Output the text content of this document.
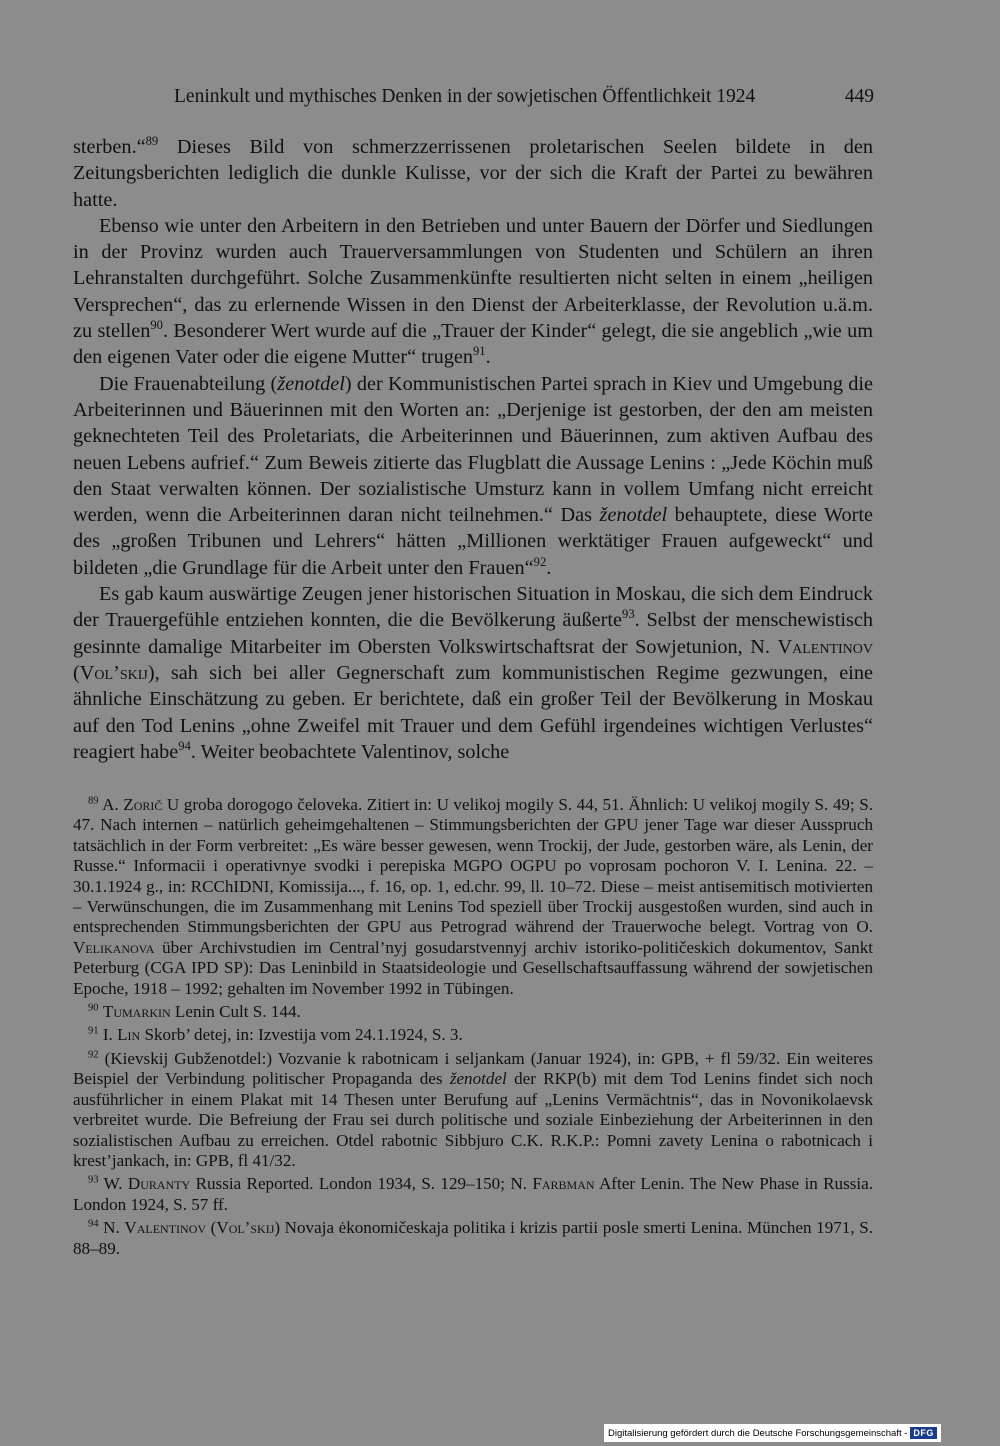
Leninkult und mythisches Denken in der sowjetischen Öffentlichkeit 1924	449

sterben.“$^{89}$ Dieses Bild von schmerzzerrissenen proletarischen Seelen bildete in den Zeitungsberichten lediglich die dunkle Kulisse, vor der sich die Kraft der Partei zu bewähren hatte.

Ebenso wie unter den Arbeitern in den Betrieben und unter Bauern der Dörfer und Siedlungen in der Provinz wurden auch Trauerversammlungen von Studenten und Schülern an ihren Lehranstalten durchgeführt. Solche Zusammenkünfte resultierten nicht selten in einem „heiligen Versprechen“, das zu erlernende Wissen in den Dienst der Arbeiterklasse, der Revolution u.ä.m. zu stellen$^{90}$. Besonderer Wert wurde auf die „Trauer der Kinder“ gelegt, die sie angeblich „wie um den eigenen Vater oder die eigene Mutter“ trugen$^{91}$.

Die Frauenabteilung (ženotdel) der Kommunistischen Partei sprach in Kiev und Umgebung die Arbeiterinnen und Bäuerinnen mit den Worten an: „Derjenige ist gestorben, der den am meisten geknechteten Teil des Proletariats, die Arbeiterinnen und Bäuerinnen, zum aktiven Aufbau des neuen Lebens aufrief.“ Zum Beweis zitierte das Flugblatt die Aussage Lenins : „Jede Köchin muß den Staat verwalten können. Der sozialistische Umsturz kann in vollem Umfang nicht erreicht werden, wenn die Arbeiterinnen daran nicht teilnehmen.“ Das ženotdel behauptete, diese Worte des „großen Tribunen und Lehrers“ hätten „Millionen werktätiger Frauen aufgeweckt“ und bildeten „die Grundlage für die Arbeit unter den Frauen“$^{92}$.

Es gab kaum auswärtige Zeugen jener historischen Situation in Moskau, die sich dem Eindruck der Trauergefühle entziehen konnten, die die Bevölkerung äußerte$^{93}$. Selbst der menschewistisch gesinnte damalige Mitarbeiter im Obersten Volkswirtschaftsrat der Sowjetunion, N. Valentinov (Vol’skij), sah sich bei aller Gegnerschaft zum kommunistischen Regime gezwungen, eine ähnliche Einschätzung zu geben. Er berichtete, daß ein großer Teil der Bevölkerung in Moskau auf den Tod Lenins „ohne Zweifel mit Trauer und dem Gefühl irgendeines wichtigen Verlustes“ reagiert habe$^{94}$. Weiter beobachtete Valentinov, solche

$^{89}$ A. Zorič U groba dorogogo čeloveka. Zitiert in: U velikoj mogily S. 44, 51. Ähnlich: U velikoj mogily S. 49; S. 47. Nach internen – natürlich geheimgehaltenen – Stimmungsberichten der GPU jener Tage war dieser Ausspruch tatsächlich in der Form verbreitet: „Es wäre besser gewesen, wenn Trockij, der Jude, gestorben wäre, als Lenin, der Russe.“ Informacii i operativnye svodki i perepiska MGPO OGPU po voprosam pochoron V. I. Lenina. 22. – 30.1.1924 g., in: RCChIDNI, Komissija..., f. 16, op. 1, ed.chr. 99, ll. 10–72. Diese – meist antisemitisch motivierten – Verwünschungen, die im Zusammenhang mit Lenins Tod speziell über Trockij ausgestoßen wurden, sind auch in entsprechenden Stimmungsberichten der GPU aus Petrograd während der Trauerwoche belegt. Vortrag von O. Velikanova über Archivstudien im Central’nyj gosudarstvennyj archiv istoriko-političeskich dokumentov, Sankt Peterburg (CGA IPD SP): Das Leninbild in Staatsideologie und Gesellschaftsauffassung während der sowjetischen Epoche, 1918 – 1992; gehalten im November 1992 in Tübingen.

$^{90}$ Tumarkin Lenin Cult S. 144.

$^{91}$ I. Lin Skorb’ detej, in: Izvestija vom 24.1.1924, S. 3.

$^{92}$ (Kievskij Gubženotdel:) Vozvanie k rabotnicam i seljankam (Januar 1924), in: GPB, + fl 59/32. Ein weiteres Beispiel der Verbindung politischer Propaganda des ženotdel der RKP(b) mit dem Tod Lenins findet sich noch ausführlicher in einem Plakat mit 14 Thesen unter Berufung auf „Lenins Vermächtnis“, das in Novonikolaevsk verbreitet wurde. Die Befreiung der Frau sei durch politische und soziale Einbeziehung der Arbeiterinnen in den sozialistischen Aufbau zu erreichen. Otdel rabotnic Sibbjuro C.K. R.K.P.: Pomni zavety Lenina o rabotnicach i krest’jankach, in: GPB, fl 41/32.

$^{93}$ W. Duranty Russia Reported. London 1934, S. 129–150; N. Farbman After Lenin. The New Phase in Russia. London 1924, S. 57 ff.

$^{94}$ N. Valentinov (Vol’skij) Novaja ėkonomičeskaja politika i krizis partii posle smerti Lenina. München 1971, S. 88–89.

Digitalisierung gefördert durch die Deutsche Forschungsgemeinschaft - DFG
